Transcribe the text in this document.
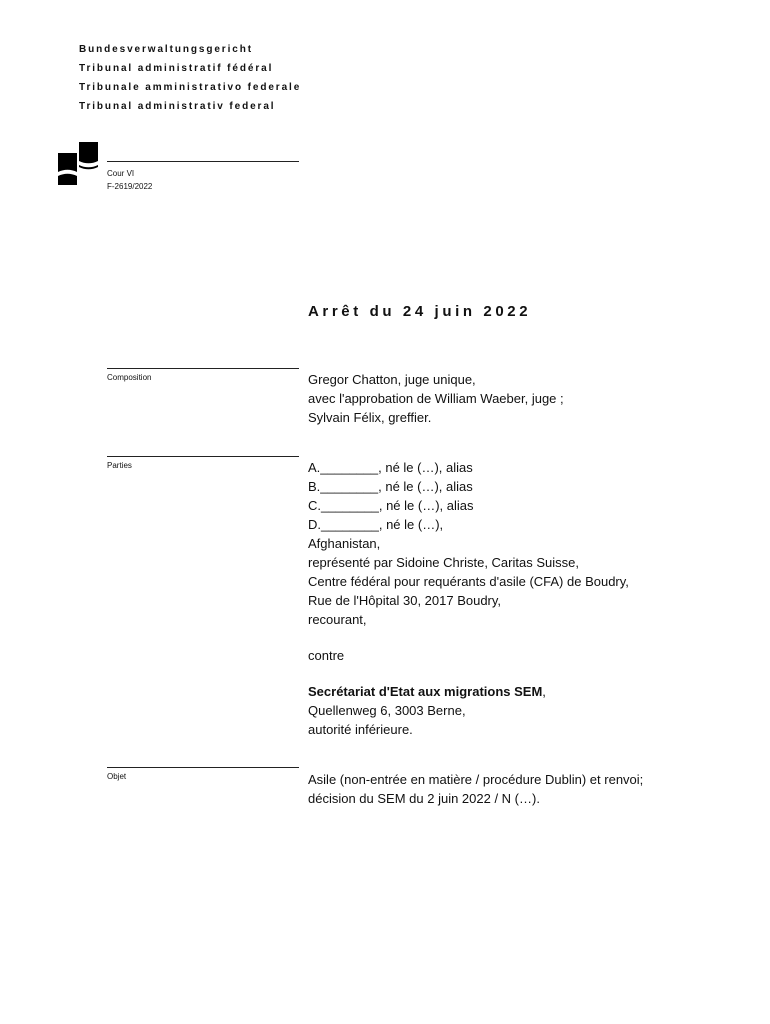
Bundesverwaltungsgericht
Tribunal administratif fédéral
Tribunale amministrativo federale
Tribunal administrativ federal
Cour VI
F-2619/2022
Arrêt du 24 juin 2022
Composition	Gregor Chatton, juge unique,
avec l'approbation de William Waeber, juge ;
Sylvain Félix, greffier.
Parties	A.________, né le (…), alias
B.________, né le (…), alias
C.________, né le (…), alias
D.________, né le (…),
Afghanistan,
représenté par Sidoine Christe, Caritas Suisse,
Centre fédéral pour requérants d'asile (CFA) de Boudry,
Rue de l'Hôpital 30, 2017 Boudry,
recourant,
contre
Secrétariat d'Etat aux migrations SEM,
Quellenweg 6, 3003 Berne,
autorité inférieure.
Objet	Asile (non-entrée en matière / procédure Dublin) et renvoi;
décision du SEM du 2 juin 2022 / N (…).
